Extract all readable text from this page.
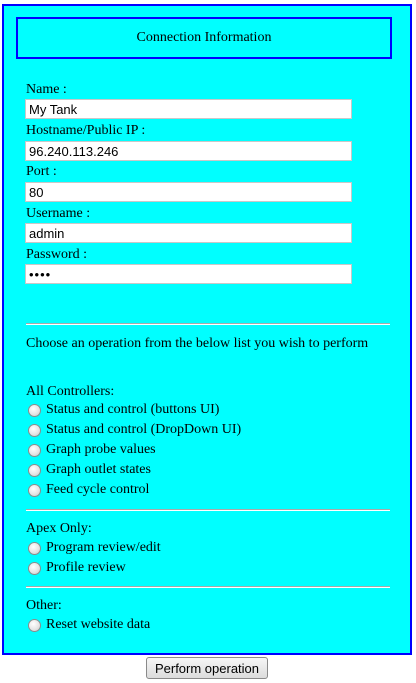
Connection Information
Name :
My Tank
Hostname/Public IP :
96.240.113.246
Port :
80
Username :
admin
Password :
Choose an operation from the below list you wish to perform
All Controllers:
Status and control (buttons UI)
Status and control (DropDown UI)
Graph probe values
Graph outlet states
Feed cycle control
Apex Only:
Program review/edit
Profile review
Other:
Reset website data
Perform operation
